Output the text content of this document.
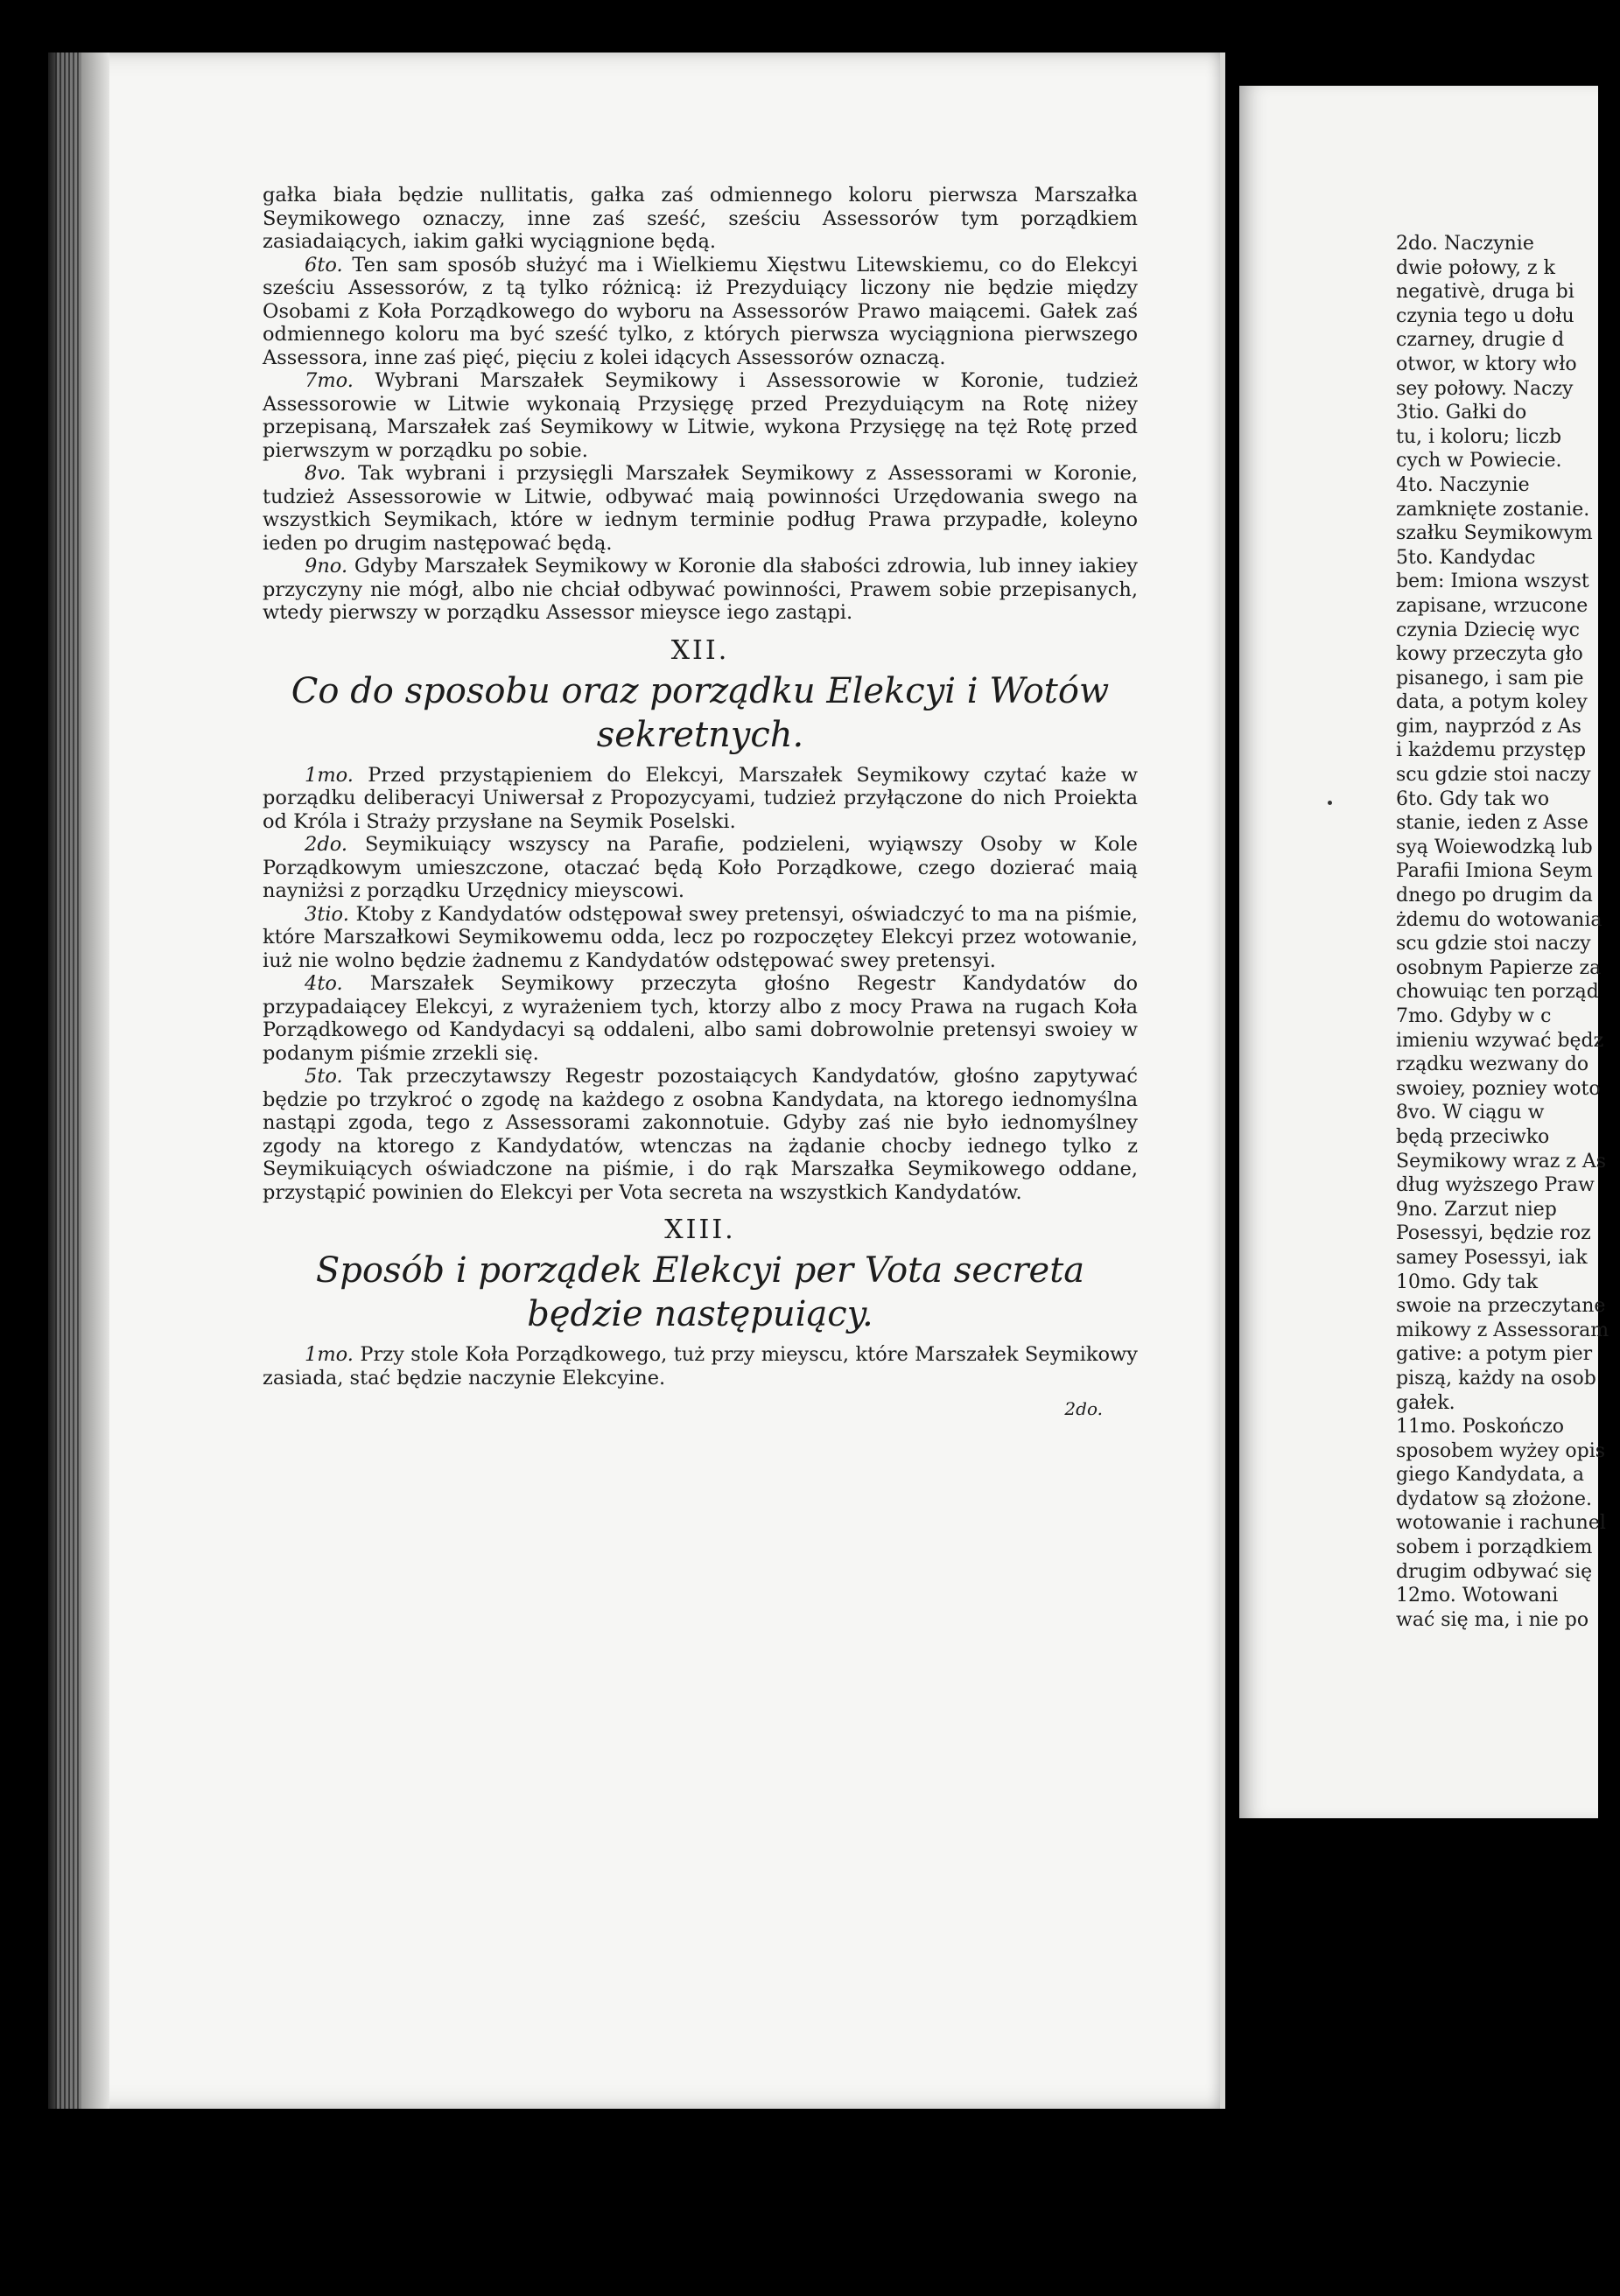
gałka biała będzie nullitatis, gałka zaś odmiennego koloru pierwsza Marszałka Seymikowego oznaczy, inne zaś sześć, sześciu Assessorów tym porządkiem zasiadaiących, iakim gałki wyciągnione będą.

6to. Ten sam sposób służyć ma i Wielkiemu Xięstwu Litewskiemu, co do Elekcyi sześciu Assessorów, z tą tylko różnicą: iż Prezyduiący liczony nie będzie między Osobami z Koła Porządkowego do wyboru na Assessorów Prawo maiącemi. Gałek zaś odmiennego koloru ma być sześć tylko, z których pierwsza wyciągniona pierwszego Assessora, inne zaś pięć, pięciu z kolei idących Assessorów oznaczą.

7mo. Wybrani Marszałek Seymikowy i Assessorowie w Koronie, tudzież Assessorowie w Litwie wykonaią Przysięgę przed Prezyduiącym na Rotę niżey przepisaną, Marszałek zaś Seymikowy w Litwie, wykona Przysięgę na tęż Rotę przed pierwszym w porządku po sobie.

8vo. Tak wybrani i przysięgli Marszałek Seymikowy z Assessorami w Koronie, tudzież Assessorowie w Litwie, odbywać maią powinności Urzędowania swego na wszystkich Seymikach, które w iednym terminie podług Prawa przypadłe, koleyno ieden po drugim następować będą.

9no. Gdyby Marszałek Seymikowy w Koronie dla słabości zdrowia, lub inney iakiey przyczyny nie mógł, albo nie chciał odbywać powinności, Prawem sobie przepisanych, wtedy pierwszy w porządku Assessor mieysce iego zastąpi.

XII.
Co do sposobu oraz porządku Elekcyi i Wotów sekretnych.

1mo. Przed przystąpieniem do Elekcyi, Marszałek Seymikowy czytać każe w porządku deliberacyi Uniwersał z Propozycyami, tudzież przyłączone do nich Proiekta od Króla i Straży przysłane na Seymik Poselski.

2do. Seymikuiący wszyscy na Parafie, podzieleni, wyiąwszy Osoby w Kole Porządkowym umieszczone, otaczać będą Koło Porządkowe, czego dozierać maią nayniżsi z porządku Urzędnicy mieyscowi.

3tio. Ktoby z Kandydatów odstępował swey pretensyi, oświadczyć to ma na piśmie, które Marszałkowi Seymikowemu odda, lecz po rozpoczętey Elekcyi przez wotowanie, iuż nie wolno będzie żadnemu z Kandydatów odstępować swey pretensyi.

4to. Marszałek Seymikowy przeczyta głośno Regestr Kandydatów do przypadaiącey Elekcyi, z wyrażeniem tych, ktorzy albo z mocy Prawa na rugach Koła Porządkowego od Kandydacyi są oddaleni, albo sami dobrowolnie pretensyi swoiey w podanym piśmie zrzekli się.

5to. Tak przeczytawszy Regestr pozostaiących Kandydatów, głośno zapytywać będzie po trzykroć o zgodę na każdego z osobna Kandydata, na ktorego iednomyślna nastąpi zgoda, tego z Assessorami zakonnotuie. Gdyby zaś nie było iednomyślney zgody na ktorego z Kandydatów, wtenczas na żądanie chocby iednego tylko z Seymikuiących oświadczone na piśmie, i do rąk Marszałka Seymikowego oddane, przystąpić powinien do Elekcyi per Vota secreta na wszystkich Kandydatów.

XIII.
Sposób i porządek Elekcyi per Vota secreta będzie następuiący.

1mo. Przy stole Koła Porządkowego, tuż przy mieyscu, które Marszałek Seymikowy zasiada, stać będzie naczynie Elekcyine.

2do.

2do. Naczynie

dwie połowy, z k

negativè, druga bi

czynia tego u dołu

czarney, drugie d

otwor, w ktory wło

sey połowy. Naczy

3tio. Gałki do

tu, i koloru; liczb

cych w Powiecie.

4to. Naczynie

zamknięte zostanie.

szałku Seymikowym

5to. Kandydac

bem: Imiona wszyst

zapisane, wrzucone

czynia Dziecię wyc

kowy przeczyta gło

pisanego, i sam pie

data, a potym koley

gim, nayprzód z As

i każdemu przystęp

scu gdzie stoi naczy

6to. Gdy tak wo

stanie, ieden z Asse

syą Woiewodzką lub

Parafii Imiona Seym

dnego po drugim da

żdemu do wotowania

scu gdzie stoi naczy

osobnym Papierze za

chowuiąc ten porząd

7mo. Gdyby w c

imieniu wzywać będz

rządku wezwany do

swoiey, pozniey woto

8vo. W ciągu w

będą przeciwko

Seymikowy wraz z As

dług wyższego Praw

9no. Zarzut niep

Posessyi, będzie roz

samey Posessyi, iak

10mo. Gdy tak

swoie na przeczytane

mikowy z Assessoram

gative: a potym pier

piszą, każdy na osob

gałek.

11mo. Poskończo

sposobem wyżey opis

giego Kandydata, a

dydatow są złożone.

wotowanie i rachunel

sobem i porządkiem

drugim odbywać się

12mo. Wotowani

wać się ma, i nie po
